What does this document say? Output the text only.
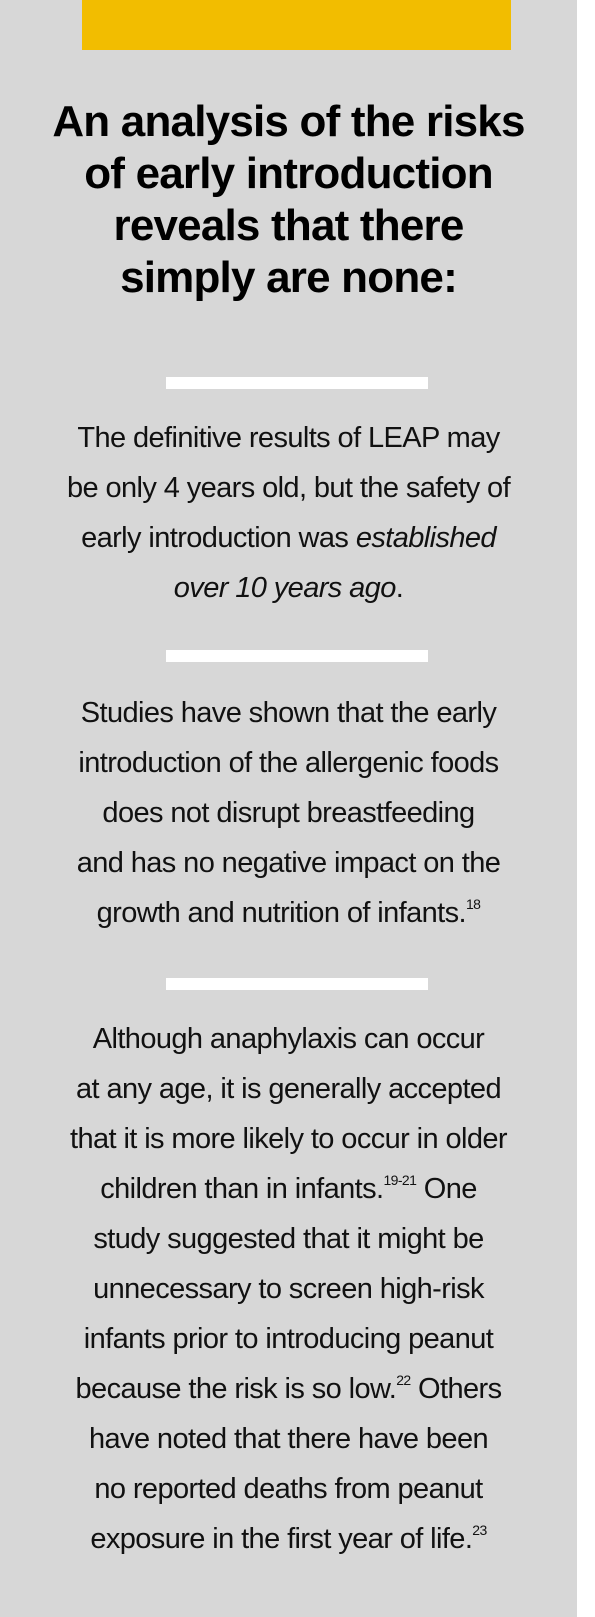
An analysis of the risks
of early introduction
reveals that there
simply are none:
The definitive results of LEAP may
be only 4 years old, but the safety of
early introduction was established
over 10 years ago.
Studies have shown that the early
introduction of the allergenic foods
does not disrupt breastfeeding
and has no negative impact on the
growth and nutrition of infants.$^{18}$
Although anaphylaxis can occur
at any age, it is generally accepted
that it is more likely to occur in older
children than in infants.$^{19-21}$ One
study suggested that it might be
unnecessary to screen high-risk
infants prior to introducing peanut
because the risk is so low.$^{22}$ Others
have noted that there have been
no reported deaths from peanut
exposure in the first year of life.$^{23}$
